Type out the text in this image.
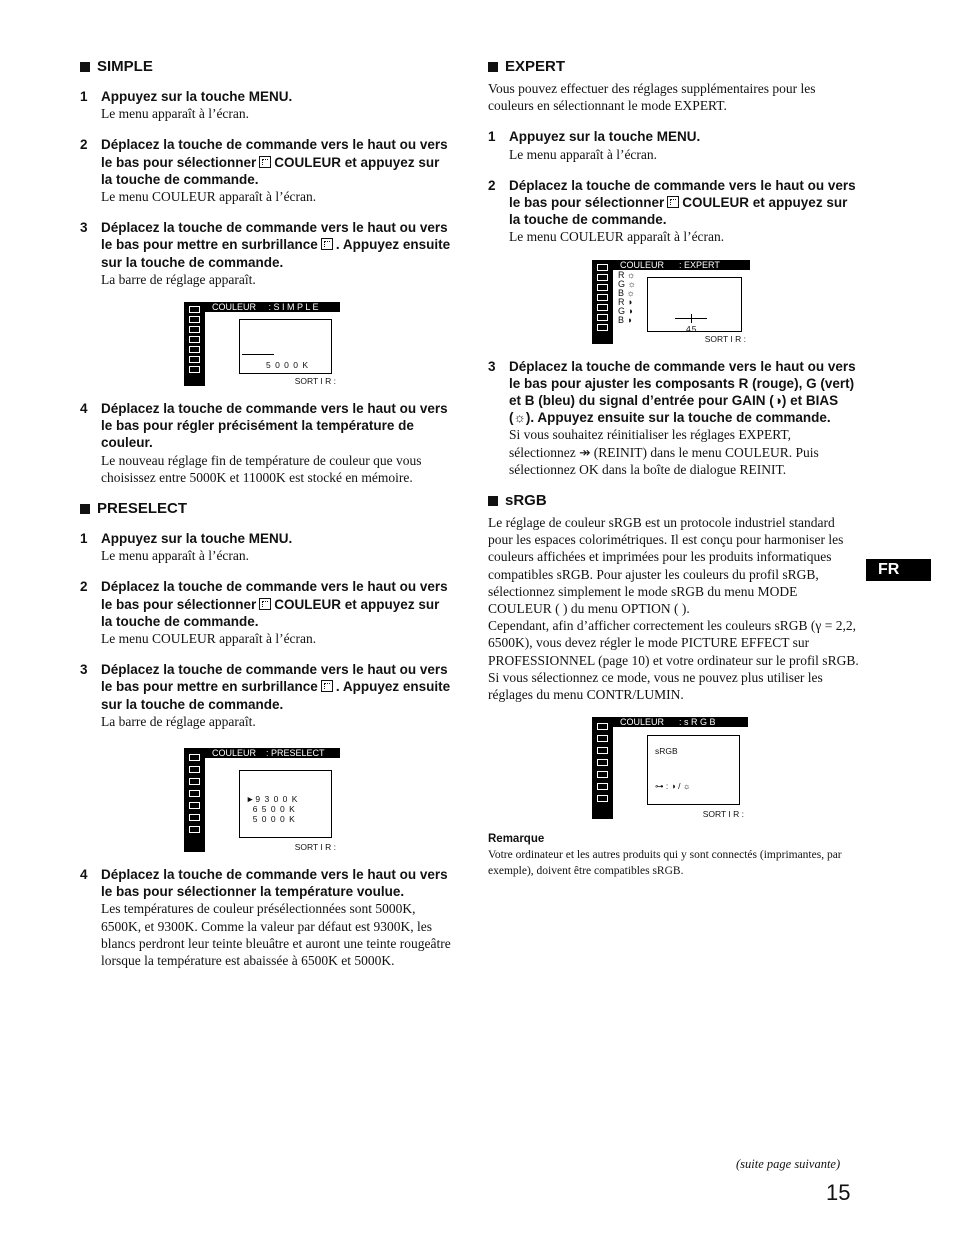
SIMPLE
1 Appuyez sur la touche MENU.
Le menu apparaît à l’écran.
2 Déplacez la touche de commande vers le haut ou vers le bas pour sélectionner COULEUR et appuyez sur la touche de commande.
Le menu COULEUR apparaît à l’écran.
3 Déplacez la touche de commande vers le haut ou vers le bas pour mettre en surbrillance . Appuyez ensuite sur la touche de commande.
La barre de réglage apparaît.
COULEUR     : S I M P L E
5 0 0 0 K
SORT I R :
4 Déplacez la touche de commande vers le haut ou vers le bas pour régler précisément la température de couleur.
Le nouveau réglage fin de température de couleur que vous choisissez entre 5000K et 11000K est stocké en mémoire.
PRESELECT
1 Appuyez sur la touche MENU.
Le menu apparaît à l’écran.
2 Déplacez la touche de commande vers le haut ou vers le bas pour sélectionner COULEUR et appuyez sur la touche de commande.
Le menu COULEUR apparaît à l’écran.
3 Déplacez la touche de commande vers le haut ou vers le bas pour mettre en surbrillance . Appuyez ensuite sur la touche de commande.
La barre de réglage apparaît.
COULEUR    : PRESELECT
►9 3 0 0 K
6 5 0 0 K
5 0 0 0 K
SORT I R :
4 Déplacez la touche de commande vers le haut ou vers le bas pour sélectionner la température voulue.
Les températures de couleur présélectionnées sont 5000K, 6500K, et 9300K. Comme la valeur par défaut est 9300K, les blancs perdront leur teinte bleuâtre et auront une teinte rougeâtre lorsque la température est abaissée à 6500K et 5000K.
EXPERT
Vous pouvez effectuer des réglages supplémentaires pour les couleurs en sélectionnant le mode EXPERT.
1 Appuyez sur la touche MENU.
Le menu apparaît à l’écran.
2 Déplacez la touche de commande vers le haut ou vers le bas pour sélectionner COULEUR et appuyez sur la touche de commande.
Le menu COULEUR apparaît à l’écran.
COULEUR      : EXPERT
R ☼
G ☼
B ☼
R ◑
G ◑
B ◑
45
SORT I R :
3 Déplacez la touche de commande vers le haut ou vers le bas pour ajuster les composants R (rouge), G (vert) et B (bleu) du signal d’entrée pour GAIN (◑) et BIAS (☼). Appuyez ensuite sur la touche de commande.
Si vous souhaitez réinitialiser les réglages EXPERT, sélectionnez ↠ (REINIT) dans le menu COULEUR. Puis sélectionnez OK dans la boîte de dialogue REINIT.
sRGB
Le réglage de couleur sRGB est un protocole industriel standard pour les espaces colorimétriques. Il est conçu pour harmoniser les couleurs affichées et imprimées pour les produits informatiques compatibles sRGB. Pour ajuster les couleurs du profil sRGB, sélectionnez simplement le mode sRGB du menu MODE COULEUR ( ) du menu OPTION ( ).
Cependant, afin d’afficher correctement les couleurs sRGB (γ = 2,2, 6500K), vous devez régler le mode PICTURE EFFECT sur PROFESSIONNEL (page 10) et votre ordinateur sur le profil sRGB. Si vous sélectionnez ce mode, vous ne pouvez plus utiliser les réglages du menu CONTR/LUMIN.
COULEUR      : s R G B
sRGB
⊶ : ◑ / ☼
SORT I R :
Remarque
Votre ordinateur et les autres produits qui y sont connectés (imprimantes, par exemple), doivent être compatibles sRGB.
FR
(suite page suivante)
15
